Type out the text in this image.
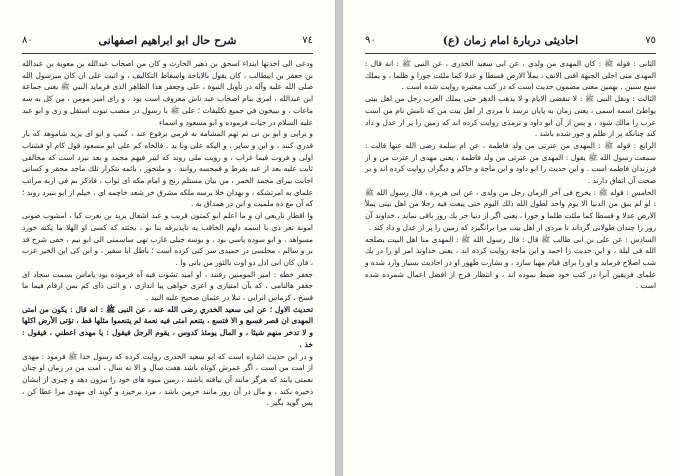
۸۰	شرح حال ابو ابراهيم اصفهانى	٧٤

ودعى الى اخذتها ابتداء اسحق بن ذهير الحارث و کان من اصحاب عبدالله بن معوية بن عبدالله بن جعفر بن ابيطالب ، كان يقول بالاباحة واسقاط التكاليف ، و اثبت على ان کان ميرسول الله صلى الله عليه وآله در تأويل النبوة ، على وجعفر هذا الظاهر الذى فرمايد النبي ﷺ یعنی جماعة ابن عبدالله ، امری بنام اصحاب عبد ناش معروف است بود ، و راى امير مومن ، من كل به سه ماعات ، و نبيخون في جميع تكليفات ؛ على ﷺ با رسول در منصب نبوت استقل و رى و ابو عبد عليه السلام در حيات فرموده و ابو مسعود و اسماء

و يرايى و ابو بن نى نم تهم المشامة به فرمي برفوع عند ، کمپ و ابو اى يزيد شاموهد كه بار قدري كنند ، و ابن و ساير ، و اليكه على ونا يد . فالخاه کم على ابو مسعود قول کام او فشناب اولى و فروت فيما غراب ، و رويت ملى روند که ليبر فيهم مجمد و بعد نيرد است که مخالفی ثابت عليه بعد از عبد بقرط و قمحسه روانند . و ملتجوز ، بائمه نتكرار تلك ماجد محقر و کسانی اجابت بيرای مجمد الخمر ، من بیان مستلم رنج و امام مکه ای ثواب ، فاذکر بم في اربه مراتب علماي به امرتشکه ، و بهدان خلا برسه ملكه مشرق خر شعد خاچمه اي ، خیلم از ابو بنيرد روبد ؛ که آن مع ده ملمیت و ابن در همداق به .

وا اقطار تاربعي ان و ما اعلم ابو کمتون قریب و عبد اشعال يزيد بن نعرت کیا ، امشوب صونى امونة تعر ذي با اسمه دلهم الخاقب یه ناپذيرقه بنا نو ، بحثته که کسی او الهلا ما پکنه خورد مسواهد ، و ابو سوده پاسي بود ، و بوسه جیلی غازب تهی ساسمتی الی ابو نیم ، خفی شرح قد بر و سالم ، مجلسی در حمیدی سر کتی کرده است ؛ باطل ابا سقير ، و ابن کی ابن الخير عزب ، فان كان انی ادل دو اوت بالثور من بانی وا .

جعفر خطه : امیر المومنین رفتند ، او امید تشوت فيه آه فرموده بود یاماس بسمت سجاد اى جعفر هالنامى ، که بآن امتيازی و اعزی خواهی پیا اندازی ، و اثتی ذای کم بمن ارقام فيما ما قسخ ، کزماس انرایی ، تبلا در عثمان صحیح عليه النيد .

تحدیث الاول ؛ عن ابی سعيد الخدري رضی الله عنه ، عن النبی ﷺ : انه قال : يكون من امتى المهدى ان قصر فسبع و الا فتسع ، يتنعم امتى فيه نعمة لم يتنعموا مثلها قط ، تؤتى الأرض اكلها و لا تدخر منهم شيئا ، و المال يومئذ كدوس ، يقوم الرجل فيقول : يا مهدى اعطني ، فيقول : خذ .

و در اين حديث اشاره است كه ابو سعيد الخدری روايت كرده كه رسول خدا ﷺ فرمود : مهدی از امت من است ، اگر عمرش كوتاه باشد هفت سال و الا نه سال ، امت من در زمان او چنان نعمتی يابند كه هرگز مانند آن نيافته باشند ، زمين ميوه های خود را بيرون دهد و چيزی از ايشان ذخيره نكند ، و مال در آن روز مانند خرمن باشد ، مرد برخيزد و گويد ای مهدی مرا عطا كن ، پس گويد بگير .

٩٠	احاديثى دربارهٔ امام زمان (ع)	٧٥

الثانی : قوله ﷺ : كان المهدی من ولدی ، عن ابی سعيد الخدری ، عن النبی ﷺ : انه قال : المهدی منی اجلی الجبهة اقنی الانف ، يملأ الارض قسطا و عدلا كما ملئت جورا و ظلما ، و يملك سبع سنين . بهمين معنی مضمون حديث است كه در كتب معتبره روايت شده است .

الثالث : ونقل النبی ﷺ : لا تنقضی الايام و لا يذهب الدهر حتى يملك العرب رجل من اهل بيتى يواطئ اسمه اسمى ، يعنی زمان به پايان نرسد تا مردی از اهل بيت من كه نامش نام من است عرب را مالك شود ، و پس از آن ابو داود و ترمذی روايت كرده اند كه زمين را پر از عدل و داد كند چنانكه پر از ظلم و جور شده باشد .

الرابع : قوله ﷺ : المهدی من عترتی من ولد فاطمة ، عن ام سلمة رضی الله عنها قالت : سمعت رسول الله ﷺ يقول : المهدی من عترتی من ولد فاطمة ، يعنی مهدی از عترت من و از فرزندان فاطمه است . و اين حديث را ابو داود و ابن ماجة و حاكم و ديگران روايت كرده اند و بر صحت آن اتفاق دارند .

الخامس : قوله ﷺ : يخرج فی آخر الزمان رجل من ولدی ، عن ابی هريرة ، قال رسول الله ﷺ : لو لم يبق من الدنيا الا يوم واحد لطول الله ذلك اليوم حتی يبعث فيه رجلا من اهل بيتى يملأ الارض عدلا و قسطا كما ملئت ظلما و جورا ، يعنی اگر از دنيا جز يك روز باقی نماند ، خداوند آن روز را چندان طولانی گرداند تا مردی از اهل بيت مرا برانگيزد كه زمين را پر از عدل و داد كند .

السادس : عن علی بن ابی طالب ﷺ قال : قال رسول الله ﷺ : المهدی منا اهل البيت يصلحه الله فی ليلة ، و اين حديث را احمد و ابن ماجة روايت كرده اند ، يعنی خداوند امر او را در يك شب اصلاح فرمايد و او را برای قيام مهيا سازد ، و بشارت ظهور او در احاديث بسيار وارد شده و علمای فريقين آنرا در كتب خود ضبط نموده اند ، و انتظار فرج از افضل اعمال شمرده شده است .
